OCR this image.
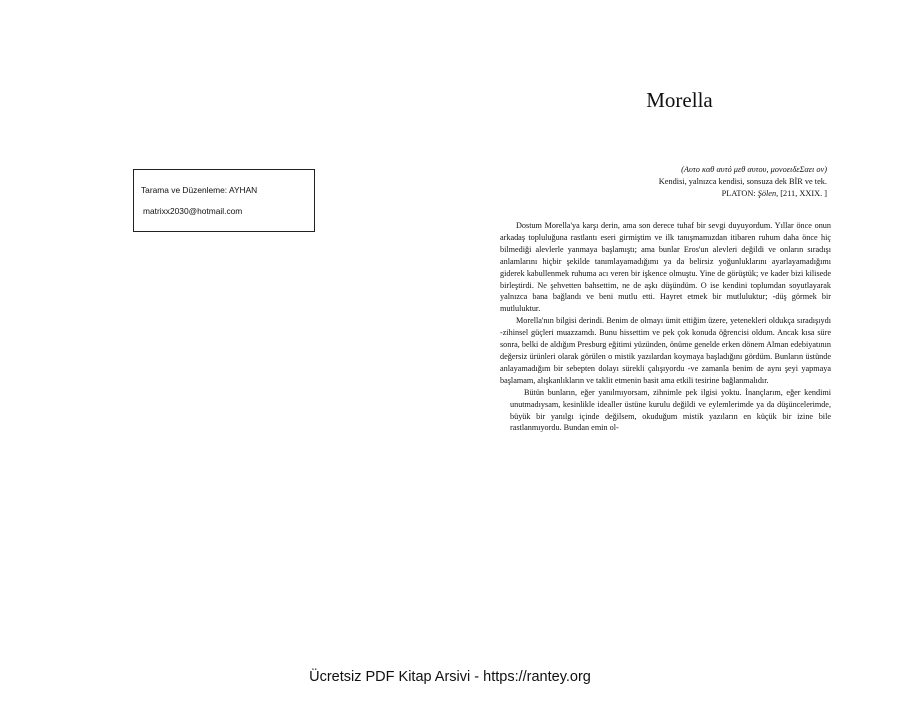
Tarama ve Düzenleme: AYHAN
matrixx2030@hotmail.com
Morella
(Αυτο καθ αυτό μεθ αυτου, μονοειδεΣαει ον)
Kendisi, yalnızca kendisi, sonsuza dek BİR ve tek.
PLATON: Şölen, [211, XXIX. ]

Dostum Morella'ya karşı derin, ama son derece tuhaf bir sevgi duyuyordum. Yıllar önce onun arkadaş topluluğuna rastlantı eseri girmiştim ve ilk tanışmamızdan itibaren ruhum daha önce hiç bilmediği alevlerle yanmaya başlamıştı; ama bunlar Eros'un alevleri değildi ve onların sıradışı anlamlarını hiçbir şekilde tanımlayamadığımı ya da belirsiz yoğunluklarını ayarlayamadığımı giderek kabullenmek ruhuma acı veren bir işkence olmuştu. Yine de görüştük; ve kader bizi kilisede birleştirdi. Ne şehvetten bahsettim, ne de aşkı düşündüm. O ise kendini toplumdan soyutlayarak yalnızca bana bağlandı ve beni mutlu etti. Hayret etmek bir mutluluktur; -düş görmek bir mutluluktur.

Morella'nın bilgisi derindi. Benim de olmayı ümit ettiğim üzere, yetenekleri oldukça sıradışıydı -zihinsel güçleri muazzamdı. Bunu hissettim ve pek çok konuda öğrencisi oldum. Ancak kısa süre sonra, belki de aldığım Presburg eğitimi yüzünden, önüme genelde erken dönem Alman edebiyatının değersiz ürünleri olarak görülen o mistik yazılardan koymaya başladığını gördüm. Bunların üstünde anlayamadığım bir sebepten dolayı sürekli çalışıyordu -ve zamanla benim de aynı şeyi yapmaya başlamam, alışkanlıkların ve taklit etmenin basit ama etkili tesirine bağlanmalıdır.

Bütün bunların, eğer yanılmıyorsam, zihnimle pek ilgisi yoktu. İnançlarım, eğer kendimi unutmadıysam, kesinlikle idealler üstüne kurulu değildi ve eylemlerimde ya da düşüncelerimde, büyük bir yanılgı içinde değilsem, okuduğum mistik yazıların en küçük bir izine bile rastlanmıyordu. Bundan emin ol-

Ücretsiz PDF Kitap Arsivi - https://rantey.org
